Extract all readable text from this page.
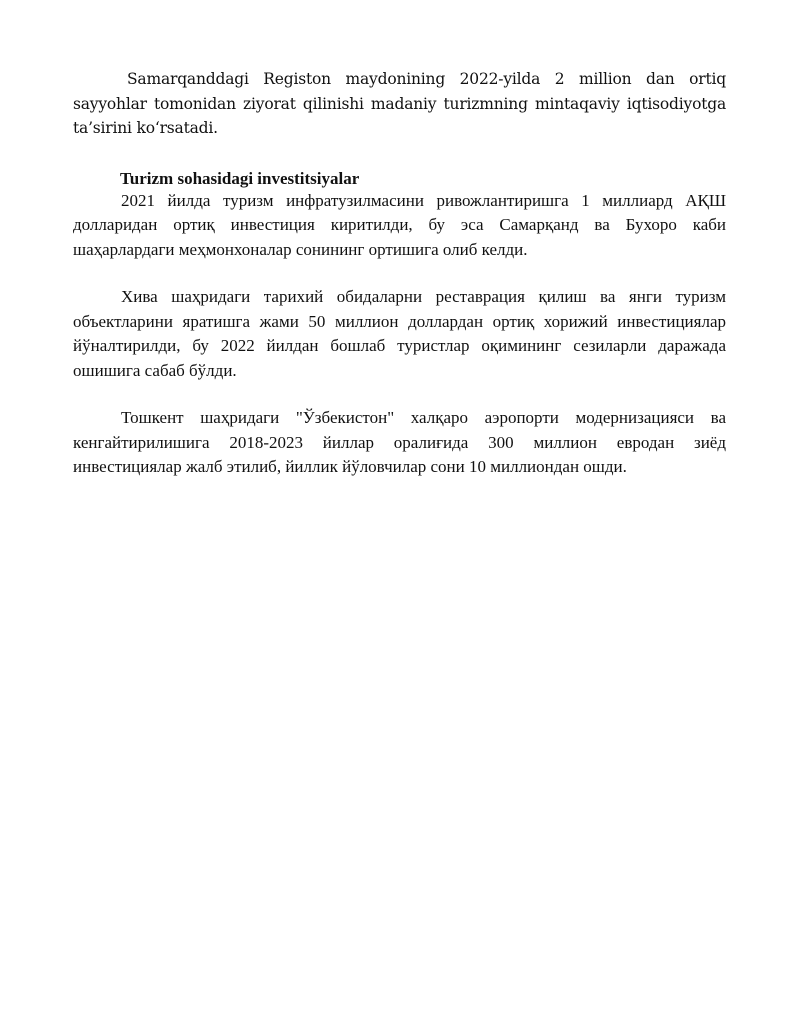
Samarqanddagi Registon maydonining 2022-yilda 2 million dan ortiq sayyohlar tomonidan ziyorat qilinishi madaniy turizmning mintaqaviy iqtisodiyotga ta’sirini ko‘rsatadi.

Turizm sohasidagi investitsiyalar

2021 йилда туризм инфратузилмасини ривожлантиришга 1 миллиард АҚШ долларидан ортиқ инвестиция киритилди, бу эса Самарқанд ва Бухоро каби шаҳарлардаги меҳмонхоналар сонининг ортишига олиб келди.

Хива шаҳридаги тарихий обидаларни реставрация қилиш ва янги туризм объектларини яратишга жами 50 миллион доллардан ортиқ хорижий инвестициялар йўналтирилди, бу 2022 йилдан бошлаб туристлар оқимининг сезиларли даражада ошишига сабаб бўлди.

Тошкент шаҳридаги "Ўзбекистон" халқаро аэропорти модернизацияси ва кенгайтирилишига 2018-2023 йиллар оралиғида 300 миллион евродан зиёд инвестициялар жалб этилиб, йиллик йўловчилар сони 10 миллиондан ошди.
